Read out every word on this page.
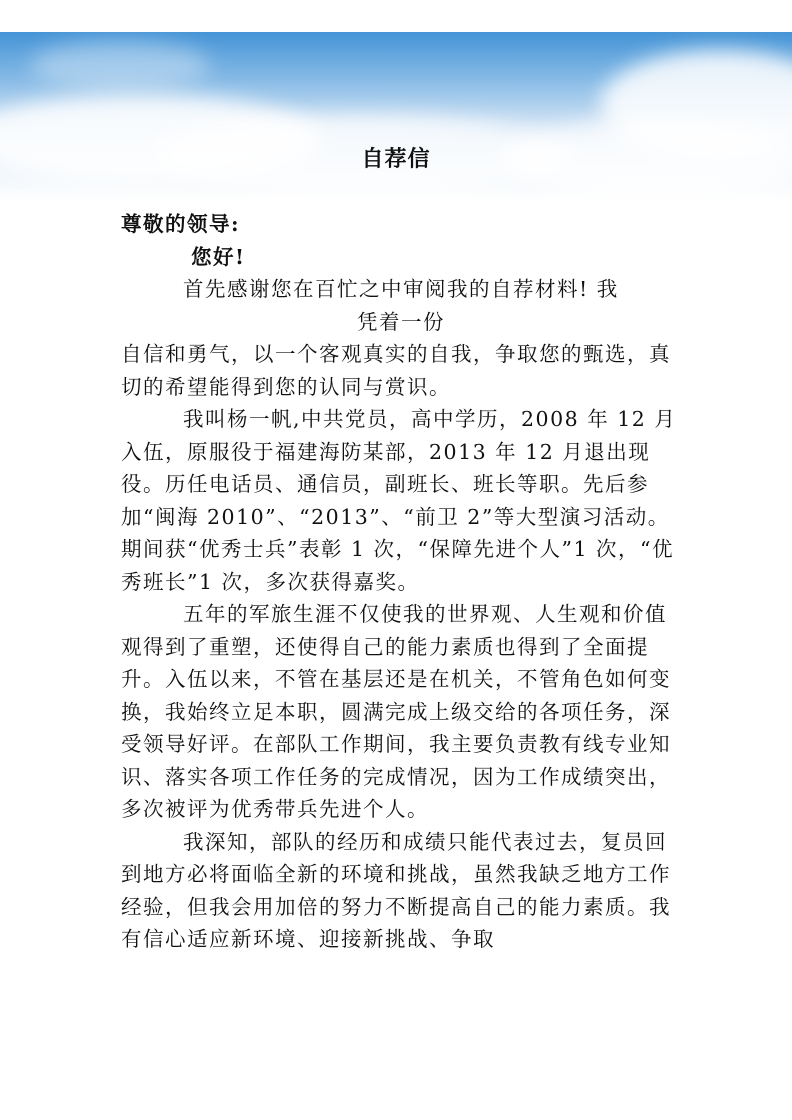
自荐信

尊敬的领导:

您好!

首先感谢您在百忙之中审阅我的自荐材料! 我

凭着一份

自信和勇气，以一个客观真实的自我，争取您的甄选，真切的希望能得到您的认同与赏识。

我叫杨一帆,中共党员，高中学历，2008 年 12 月入伍，原服役于福建海防某部，2013 年 12 月退出现役。历任电话员、通信员，副班长、班长等职。先后参加“闽海 2010”、“2013”、“前卫 2”等大型演习活动。期间获“优秀士兵”表彰 1 次，“保障先进个人”1 次，“优秀班长”1 次，多次获得嘉奖。

五年的军旅生涯不仅使我的世界观、人生观和价值观得到了重塑，还使得自己的能力素质也得到了全面提升。入伍以来，不管在基层还是在机关，不管角色如何变换，我始终立足本职，圆满完成上级交给的各项任务，深受领导好评。在部队工作期间，我主要负责教有线专业知识、落实各项工作任务的完成情况，因为工作成绩突出，多次被评为优秀带兵先进个人。

我深知，部队的经历和成绩只能代表过去，复员回到地方必将面临全新的环境和挑战，虽然我缺乏地方工作经验，但我会用加倍的努力不断提高自己的能力素质。我有信心适应新环境、迎接新挑战、争取
